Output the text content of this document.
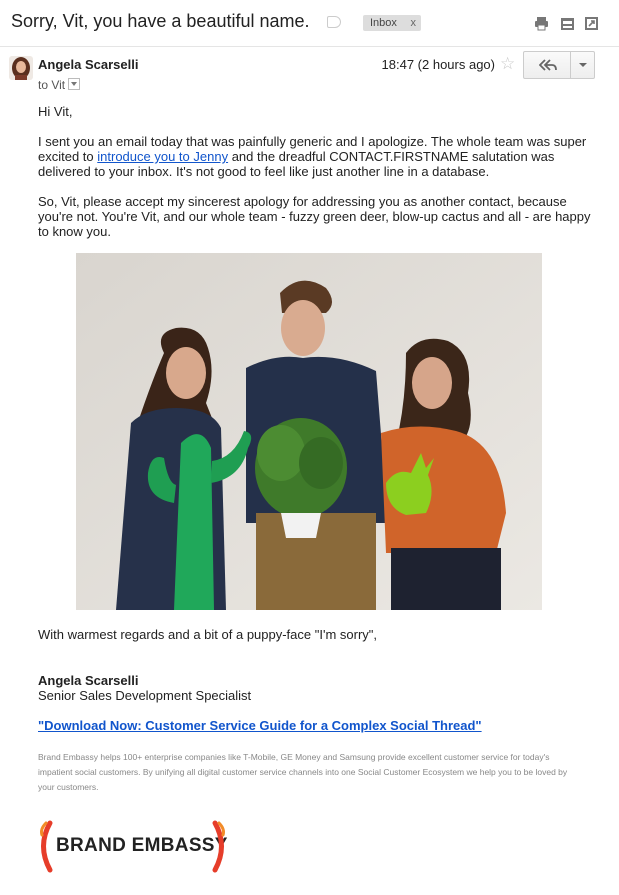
Sorry, Vit, you have a beautiful name.	Inbox x
Angela Scarselli
to Vit
18:47 (2 hours ago) ☆
Hi Vit,

I sent you an email today that was painfully generic and I apologize. The whole team was super excited to introduce you to Jenny and the dreadful CONTACT.FIRSTNAME salutation was delivered to your inbox. It's not good to feel like just another line in a database.

So, Vit, please accept my sincerest apology for addressing you as another contact, because you're not. You're Vit, and our whole team - fuzzy green deer, blow-up cactus and all - are happy to know you.
With warmest regards and a bit of a puppy-face "I'm sorry",
Angela Scarselli
Senior Sales Development Specialist
"Download Now: Customer Service Guide for a Complex Social Thread"
Brand Embassy helps 100+ enterprise companies like T-Mobile, GE Money and Samsung provide excellent customer service for today's impatient social customers. By unifying all digital customer service channels into one Social Customer Ecosystem we help you to be loved by your customers.
BRAND EMBASSY
